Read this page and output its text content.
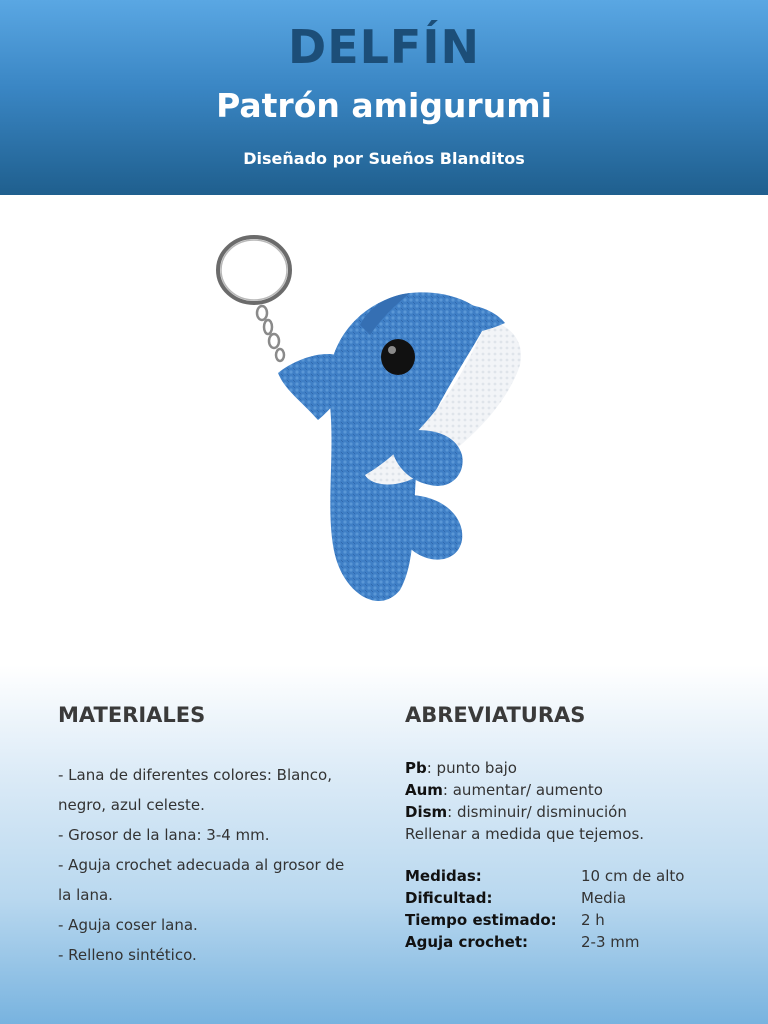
DELFÍN
Patrón amigurumi
Diseñado por Sueños Blanditos
MATERIALES
- Lana de diferentes colores: Blanco, negro, azul celeste.
- Grosor de la lana: 3-4 mm.
- Aguja crochet adecuada al grosor de la lana.
- Aguja coser lana.
- Relleno sintético.
ABREVIATURAS
Pb: punto bajo
Aum: aumentar/ aumento
Dism: disminuir/ disminución
Rellenar a medida que tejemos.
Medidas:	10 cm de alto
Dificultad:	Media
Tiempo estimado: 2 h
Aguja crochet:	2-3 mm
